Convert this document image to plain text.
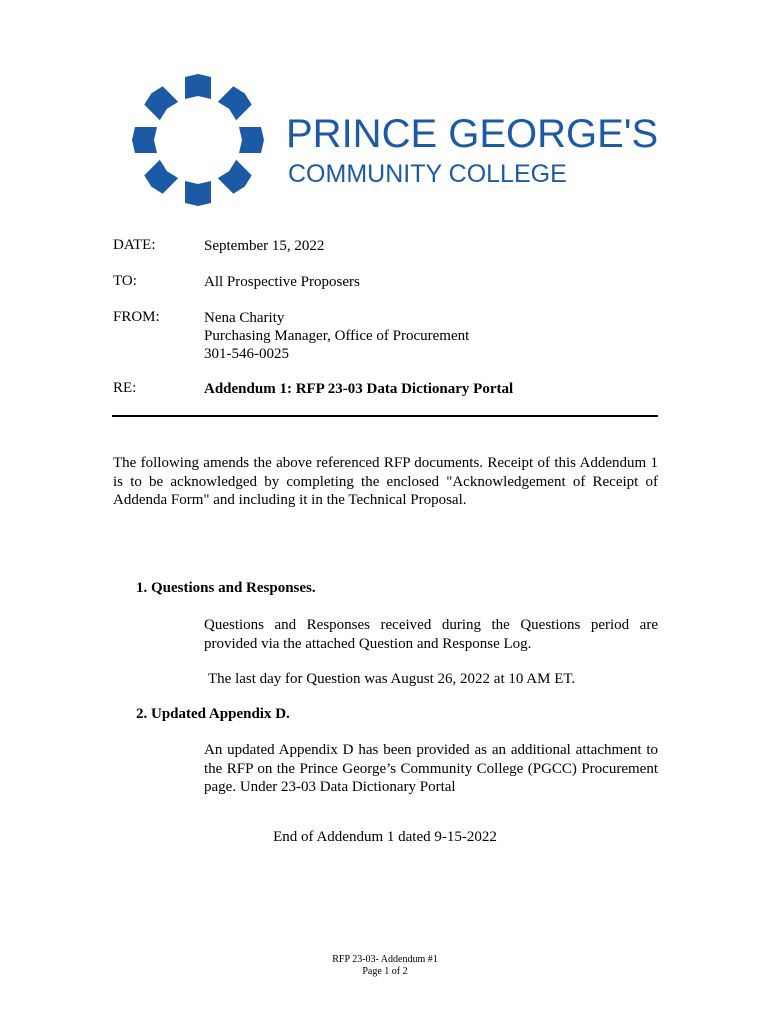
PRINCE GEORGE'S
COMMUNITY COLLEGE
DATE:	September 15, 2022
TO:	All Prospective Proposers
FROM:	Nena Charity
Purchasing Manager, Office of Procurement
301-546-0025
RE:	Addendum 1: RFP 23-03 Data Dictionary Portal
The following amends the above referenced RFP documents. Receipt of this Addendum 1 is to be acknowledged by completing the enclosed "Acknowledgement of Receipt of Addenda Form" and including it in the Technical Proposal.
1. Questions and Responses.
Questions and Responses received during the Questions period are provided via the attached Question and Response Log.
The last day for Question was August 26, 2022 at 10 AM ET.
2. Updated Appendix D.
An updated Appendix D has been provided as an additional attachment to the RFP on the Prince George’s Community College (PGCC) Procurement page. Under 23-03 Data Dictionary Portal
End of Addendum 1 dated 9-15-2022
RFP 23-03- Addendum #1
Page 1 of 2
